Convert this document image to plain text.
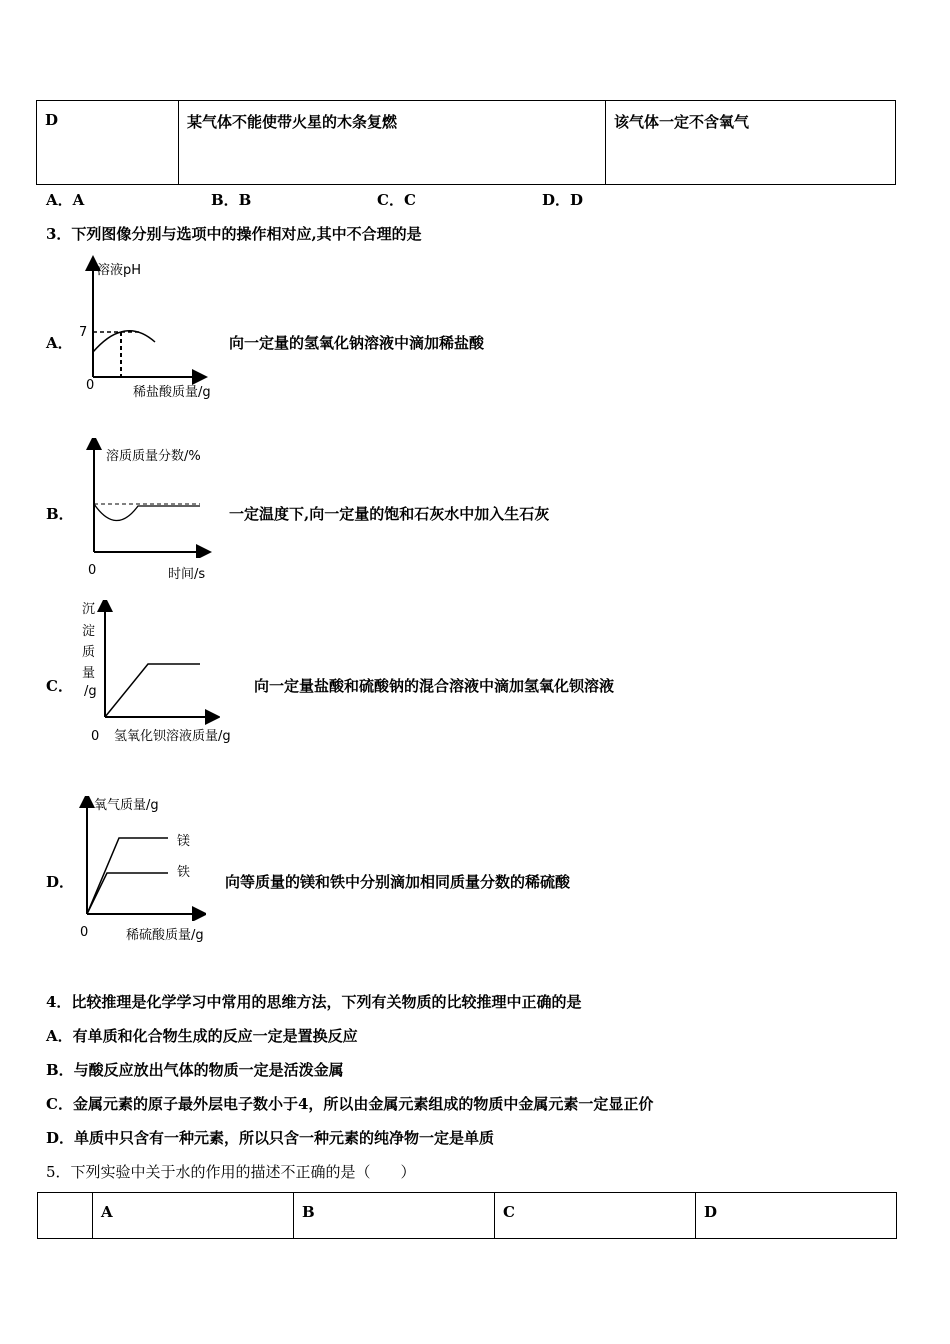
D	某气体不能使带火星的木条复燃	该气体一定不含氧气
A．A	B．B	C．C	D．D
3．下列图像分别与选项中的操作相对应,其中不合理的是
A．
溶液pH
7
0	稀盐酸质量/g
向一定量的氢氧化钠溶液中滴加稀盐酸
B．
溶质质量分数/%
0	时间/s
一定温度下,向一定量的饱和石灰水中加入生石灰
C．
沉
淀
质
量
/g
0 氢氧化钡溶液质量/g
向一定量盐酸和硫酸钠的混合溶液中滴加氢氧化钡溶液
D．
氧气质量/g
镁
铁
0	稀硫酸质量/g
向等质量的镁和铁中分别滴加相同质量分数的稀硫酸
4．比较推理是化学学习中常用的思维方法，下列有关物质的比较推理中正确的是
A．有单质和化合物生成的反应一定是置换反应
B．与酸反应放出气体的物质一定是活泼金属
C．金属元素的原子最外层电子数小于4，所以由金属元素组成的物质中金属元素一定显正价
D．单质中只含有一种元素，所以只含一种元素的纯净物一定是单质
5．下列实验中关于水的作用的描述不正确的是（　　）
	A	B	C	D
